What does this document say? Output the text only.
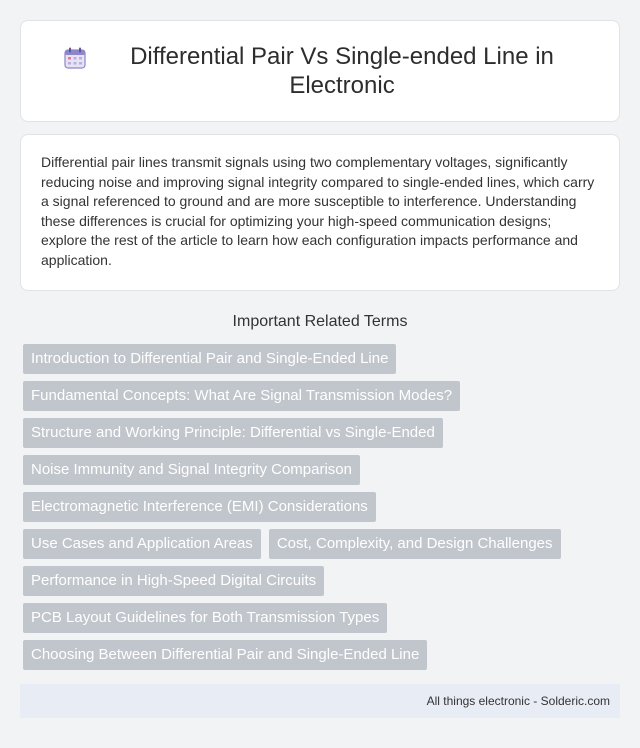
Differential Pair Vs Single-ended Line in Electronic

Differential pair lines transmit signals using two complementary voltages, significantly reducing noise and improving signal integrity compared to single-ended lines, which carry a signal referenced to ground and are more susceptible to interference. Understanding these differences is crucial for optimizing your high-speed communication designs; explore the rest of the article to learn how each configuration impacts performance and application.

Important Related Terms
Introduction to Differential Pair and Single-Ended Line
Fundamental Concepts: What Are Signal Transmission Modes?
Structure and Working Principle: Differential vs Single-Ended
Noise Immunity and Signal Integrity Comparison
Electromagnetic Interference (EMI) Considerations
Use Cases and Application Areas	Cost, Complexity, and Design Challenges
Performance in High-Speed Digital Circuits
PCB Layout Guidelines for Both Transmission Types
Choosing Between Differential Pair and Single-Ended Line
All things electronic - Solderic.com
